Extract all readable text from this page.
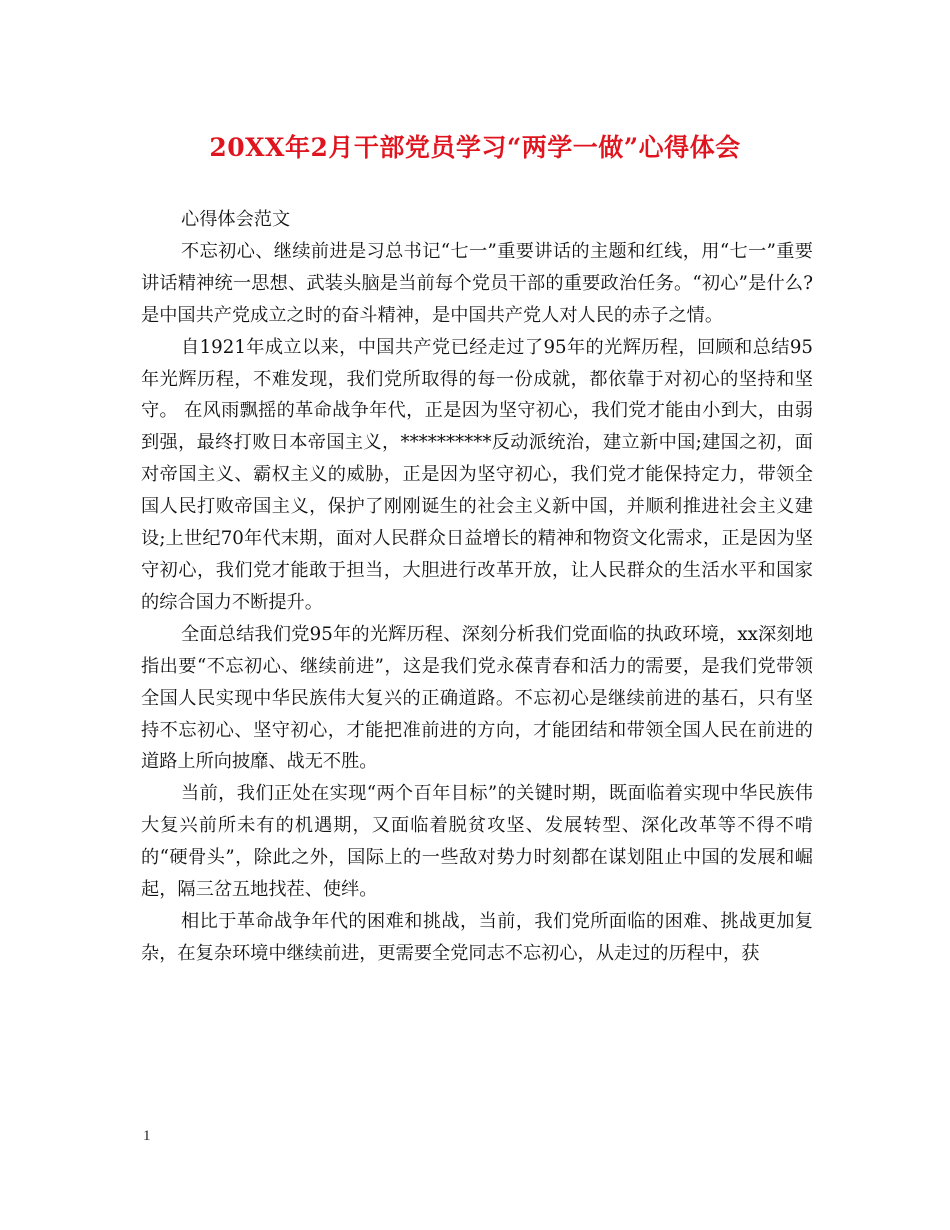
20XX年2月干部党员学习“两学一做”心得体会

心得体会范文

不忘初心、继续前进是习总书记“七一”重要讲话的主题和红线，用“七一”重要讲话精神统一思想、武装头脑是当前每个党员干部的重要政治任务。“初心”是什么?是中国共产党成立之时的奋斗精神，是中国共产党人对人民的赤子之情。

自1921年成立以来，中国共产党已经走过了95年的光辉历程，回顾和总结95年光辉历程，不难发现，我们党所取得的每一份成就，都依靠于对初心的坚持和坚守。 在风雨飘摇的革命战争年代，正是因为坚守初心，我们党才能由小到大，由弱到强，最终打败日本帝国主义，**********反动派统治，建立新中国;建国之初，面对帝国主义、霸权主义的威胁，正是因为坚守初心，我们党才能保持定力，带领全国人民打败帝国主义，保护了刚刚诞生的社会主义新中国，并顺利推进社会主义建设;上世纪70年代末期，面对人民群众日益增长的精神和物资文化需求，正是因为坚守初心，我们党才能敢于担当，大胆进行改革开放，让人民群众的生活水平和国家的综合国力不断提升。

全面总结我们党95年的光辉历程、深刻分析我们党面临的执政环境，xx深刻地指出要“不忘初心、继续前进”，这是我们党永葆青春和活力的需要，是我们党带领全国人民实现中华民族伟大复兴的正确道路。不忘初心是继续前进的基石，只有坚持不忘初心、坚守初心，才能把准前进的方向，才能团结和带领全国人民在前进的道路上所向披靡、战无不胜。

当前，我们正处在实现“两个百年目标”的关键时期，既面临着实现中华民族伟大复兴前所未有的机遇期，又面临着脱贫攻坚、发展转型、深化改革等不得不啃的“硬骨头”，除此之外，国际上的一些敌对势力时刻都在谋划阻止中国的发展和崛起，隔三岔五地找茬、使绊。

相比于革命战争年代的困难和挑战，当前，我们党所面临的困难、挑战更加复杂，在复杂环境中继续前进，更需要全党同志不忘初心，从走过的历程中，获

1
